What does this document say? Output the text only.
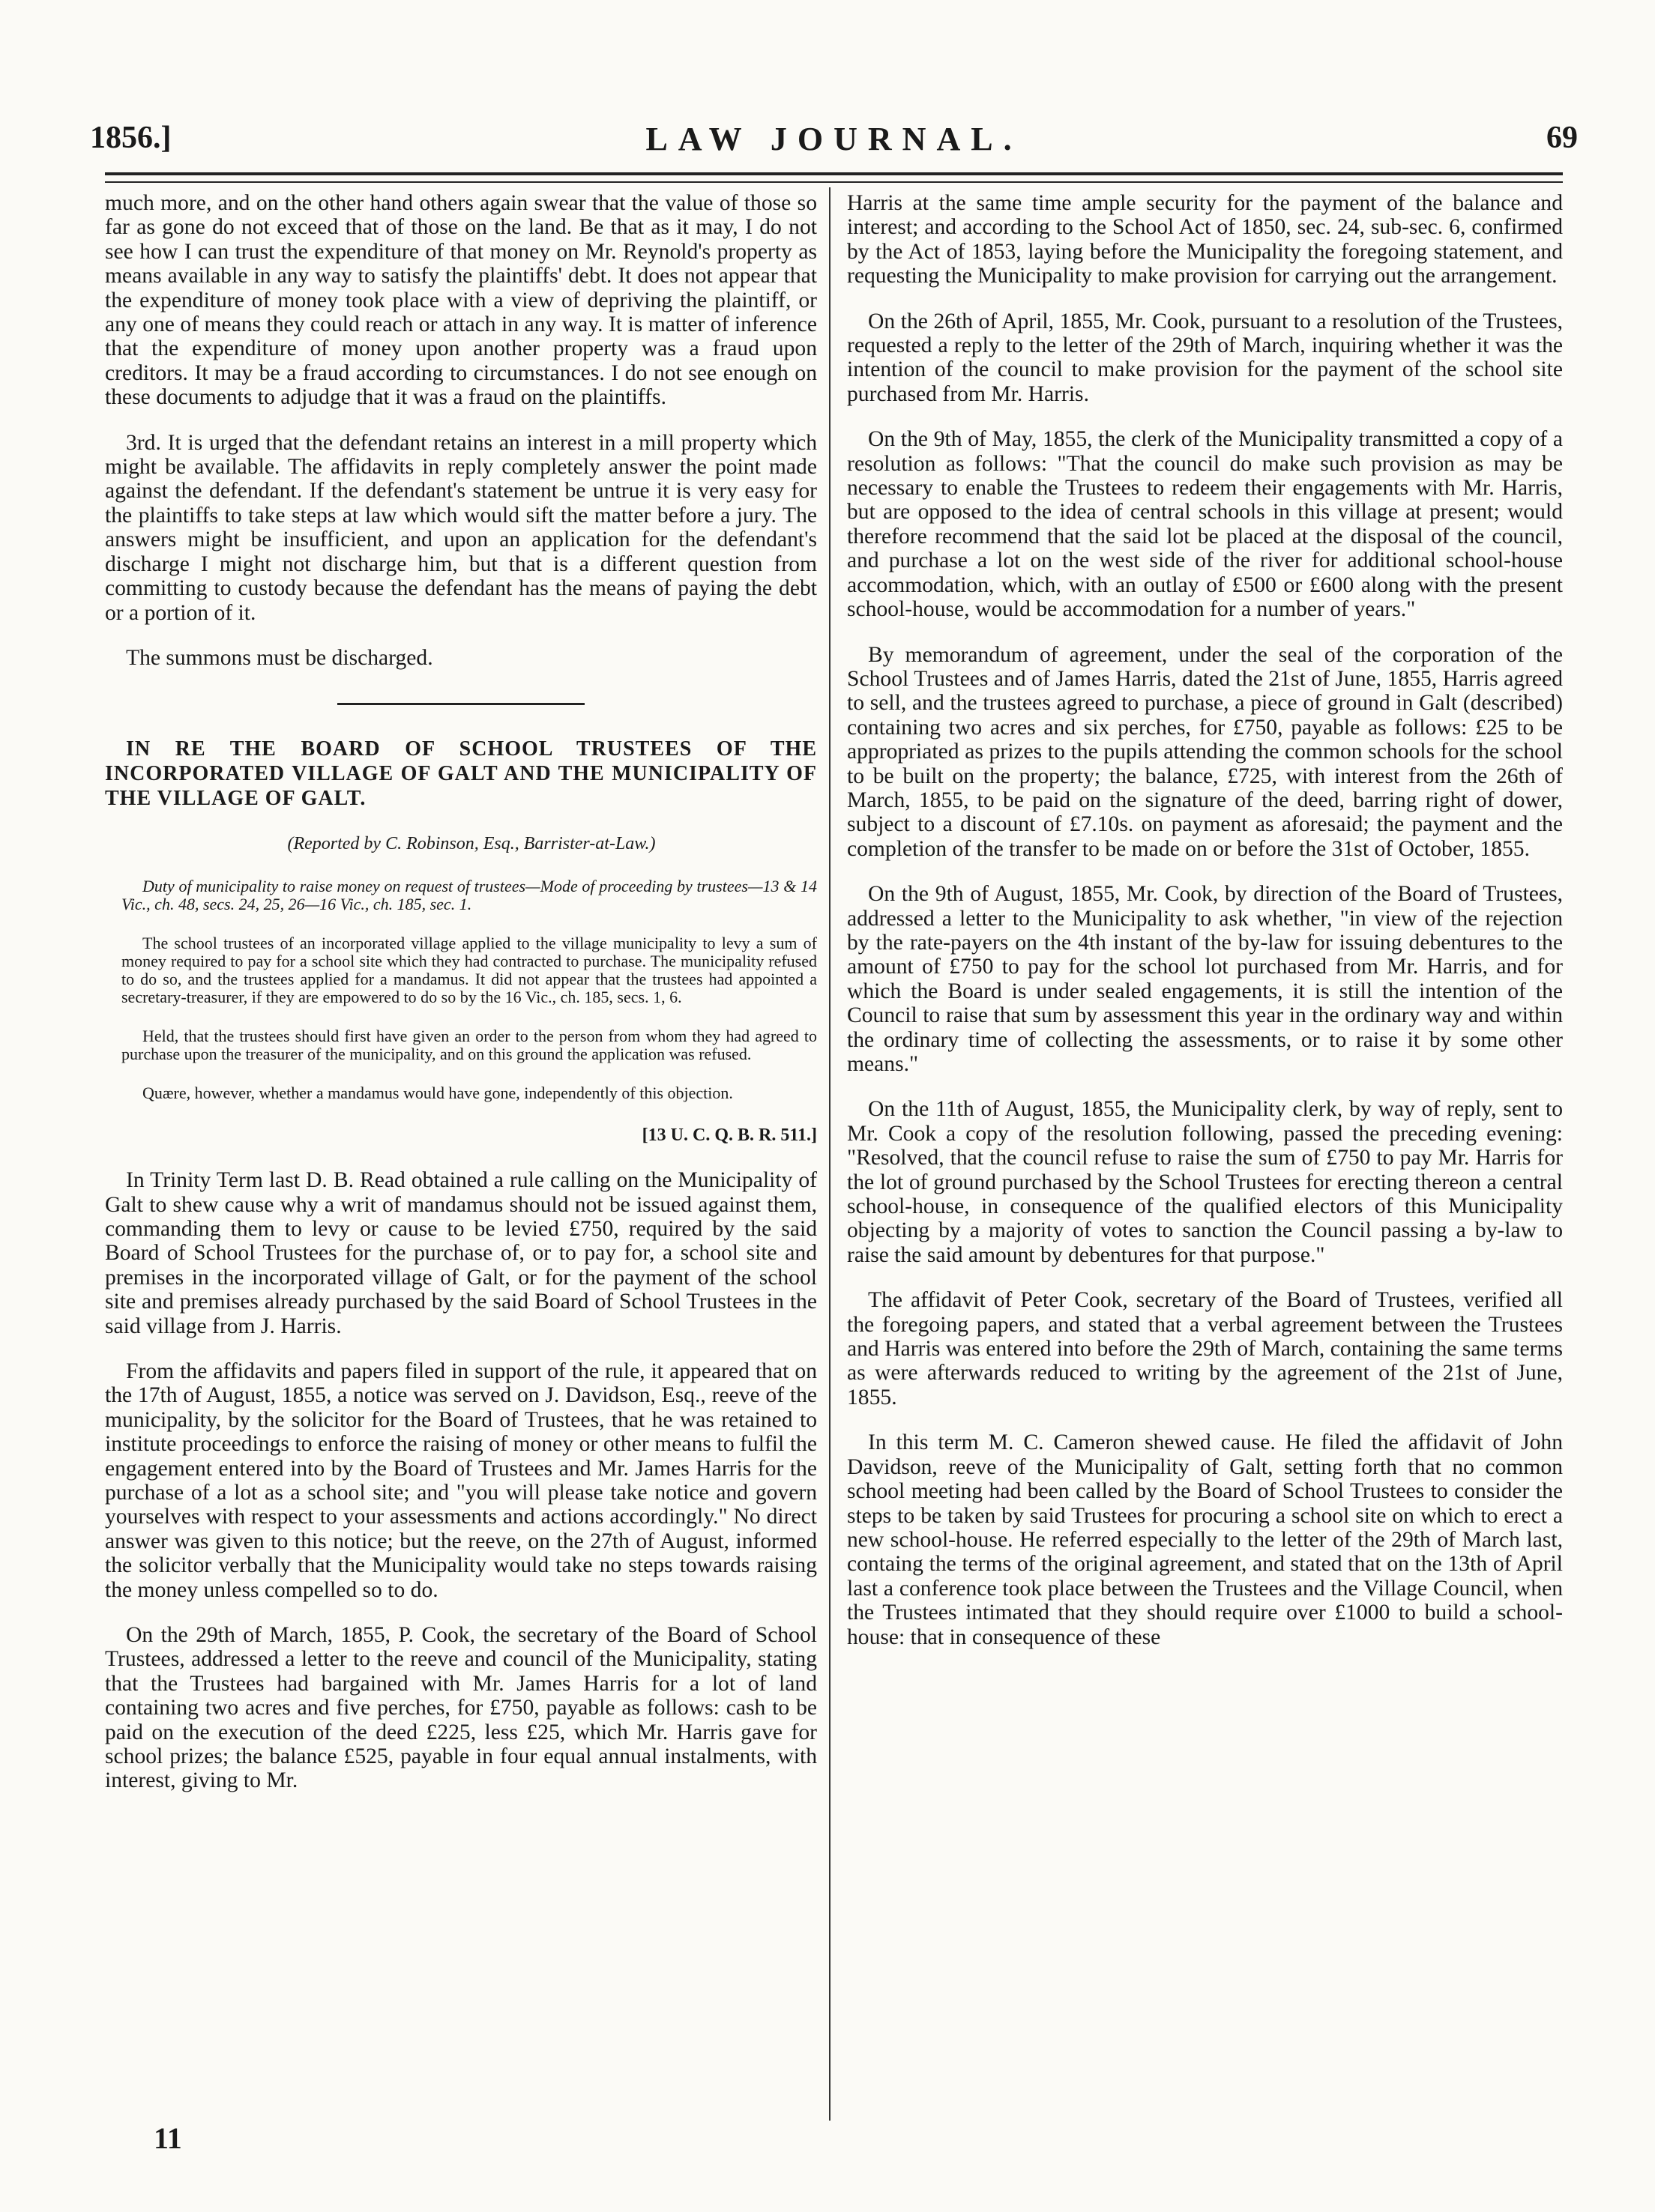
1856.]	LAW JOURNAL.	69

much more, and on the other hand others again swear that the value of those so far as gone do not exceed that of those on the land. Be that as it may, I do not see how I can trust the expenditure of that money on Mr. Reynold's property as means available in any way to satisfy the plaintiffs' debt. It does not appear that the expenditure of money took place with a view of depriving the plaintiff, or any one of means they could reach or attach in any way. It is matter of inference that the expenditure of money upon another property was a fraud upon creditors. It may be a fraud according to circumstances. I do not see enough on these documents to adjudge that it was a fraud on the plaintiffs.

3rd. It is urged that the defendant retains an interest in a mill property which might be available. The affidavits in reply completely answer the point made against the defendant. If the defendant's statement be untrue it is very easy for the plaintiffs to take steps at law which would sift the matter before a jury. The answers might be insufficient, and upon an application for the defendant's discharge I might not discharge him, but that is a different question from committing to custody because the defendant has the means of paying the debt or a portion of it.

The summons must be discharged.

IN RE THE BOARD OF SCHOOL TRUSTEES OF THE INCORPORATED VILLAGE OF GALT AND THE MUNICIPALITY OF THE VILLAGE OF GALT.

(Reported by C. Robinson, Esq., Barrister-at-Law.)

Duty of municipality to raise money on request of trustees—Mode of proceeding by trustees—13 & 14 Vic., ch. 48, secs. 24, 25, 26—16 Vic., ch. 185, sec. 1.

The school trustees of an incorporated village applied to the village municipality to levy a sum of money required to pay for a school site which they had contracted to purchase. The municipality refused to do so, and the trustees applied for a mandamus. It did not appear that the trustees had appointed a secretary-treasurer, if they are empowered to do so by the 16 Vic., ch. 185, secs. 1, 6.

Held, that the trustees should first have given an order to the person from whom they had agreed to purchase upon the treasurer of the municipality, and on this ground the application was refused.

Quære, however, whether a mandamus would have gone, independently of this objection.

[13 U. C. Q. B. R. 511.]

In Trinity Term last D. B. Read obtained a rule calling on the Municipality of Galt to shew cause why a writ of mandamus should not be issued against them, commanding them to levy or cause to be levied £750, required by the said Board of School Trustees for the purchase of, or to pay for, a school site and premises in the incorporated village of Galt, or for the payment of the school site and premises already purchased by the said Board of School Trustees in the said village from J. Harris.

From the affidavits and papers filed in support of the rule, it appeared that on the 17th of August, 1855, a notice was served on J. Davidson, Esq., reeve of the municipality, by the solicitor for the Board of Trustees, that he was retained to institute proceedings to enforce the raising of money or other means to fulfil the engagement entered into by the Board of Trustees and Mr. James Harris for the purchase of a lot as a school site; and "you will please take notice and govern yourselves with respect to your assessments and actions accordingly." No direct answer was given to this notice; but the reeve, on the 27th of August, informed the solicitor verbally that the Municipality would take no steps towards raising the money unless compelled so to do.

On the 29th of March, 1855, P. Cook, the secretary of the Board of School Trustees, addressed a letter to the reeve and council of the Municipality, stating that the Trustees had bargained with Mr. James Harris for a lot of land containing two acres and five perches, for £750, payable as follows: cash to be paid on the execution of the deed £225, less £25, which Mr. Harris gave for school prizes; the balance £525, payable in four equal annual instalments, with interest, giving to Mr.

Harris at the same time ample security for the payment of the balance and interest; and according to the School Act of 1850, sec. 24, sub-sec. 6, confirmed by the Act of 1853, laying before the Municipality the foregoing statement, and requesting the Municipality to make provision for carrying out the arrangement.

On the 26th of April, 1855, Mr. Cook, pursuant to a resolution of the Trustees, requested a reply to the letter of the 29th of March, inquiring whether it was the intention of the council to make provision for the payment of the school site purchased from Mr. Harris.

On the 9th of May, 1855, the clerk of the Municipality transmitted a copy of a resolution as follows: "That the council do make such provision as may be necessary to enable the Trustees to redeem their engagements with Mr. Harris, but are opposed to the idea of central schools in this village at present; would therefore recommend that the said lot be placed at the disposal of the council, and purchase a lot on the west side of the river for additional school-house accommodation, which, with an outlay of £500 or £600 along with the present school-house, would be accommodation for a number of years."

By memorandum of agreement, under the seal of the corporation of the School Trustees and of James Harris, dated the 21st of June, 1855, Harris agreed to sell, and the trustees agreed to purchase, a piece of ground in Galt (described) containing two acres and six perches, for £750, payable as follows: £25 to be appropriated as prizes to the pupils attending the common schools for the school to be built on the property; the balance, £725, with interest from the 26th of March, 1855, to be paid on the signature of the deed, barring right of dower, subject to a discount of £7.10s. on payment as aforesaid; the payment and the completion of the transfer to be made on or before the 31st of October, 1855.

On the 9th of August, 1855, Mr. Cook, by direction of the Board of Trustees, addressed a letter to the Municipality to ask whether, "in view of the rejection by the rate-payers on the 4th instant of the by-law for issuing debentures to the amount of £750 to pay for the school lot purchased from Mr. Harris, and for which the Board is under sealed engagements, it is still the intention of the Council to raise that sum by assessment this year in the ordinary way and within the ordinary time of collecting the assessments, or to raise it by some other means."

On the 11th of August, 1855, the Municipality clerk, by way of reply, sent to Mr. Cook a copy of the resolution following, passed the preceding evening: "Resolved, that the council refuse to raise the sum of £750 to pay Mr. Harris for the lot of ground purchased by the School Trustees for erecting thereon a central school-house, in consequence of the qualified electors of this Municipality objecting by a majority of votes to sanction the Council passing a by-law to raise the said amount by debentures for that purpose."

The affidavit of Peter Cook, secretary of the Board of Trustees, verified all the foregoing papers, and stated that a verbal agreement between the Trustees and Harris was entered into before the 29th of March, containing the same terms as were afterwards reduced to writing by the agreement of the 21st of June, 1855.

In this term M. C. Cameron shewed cause. He filed the affidavit of John Davidson, reeve of the Municipality of Galt, setting forth that no common school meeting had been called by the Board of School Trustees to consider the steps to be taken by said Trustees for procuring a school site on which to erect a new school-house. He referred especially to the letter of the 29th of March last, containg the terms of the original agreement, and stated that on the 13th of April last a conference took place between the Trustees and the Village Council, when the Trustees intimated that they should require over £1000 to build a school-house: that in consequence of these

11
